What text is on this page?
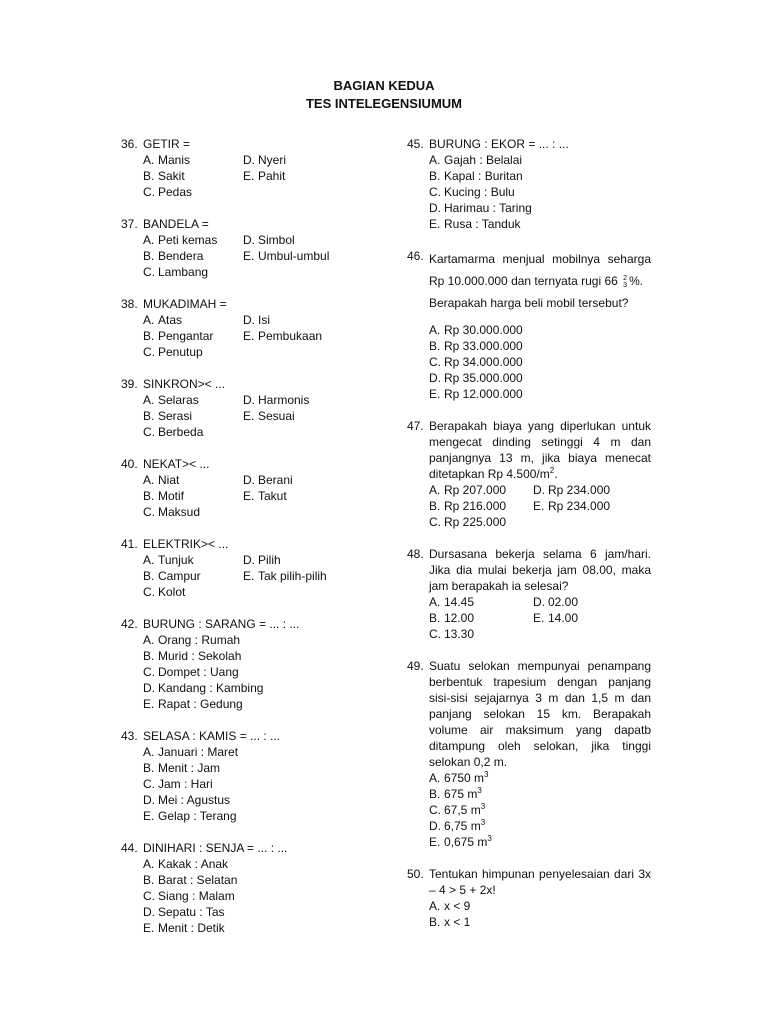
BAGIAN KEDUA
TES INTELEGENSIUMUM
36. GETIR =
A. Manis	D. Nyeri
B. Sakit	E. Pahit
C. Pedas
37. BANDELA =
A. Peti kemas	D. Simbol
B. Bendera	E. Umbul-umbul
C. Lambang
38. MUKADIMAH =
A. Atas	D. Isi
B. Pengantar	E. Pembukaan
C. Penutup
39. SINKRON>< ...
A. Selaras	D. Harmonis
B. Serasi	E. Sesuai
C. Berbeda
40. NEKAT>< ...
A. Niat	D. Berani
B. Motif	E. Takut
C. Maksud
41. ELEKTRIK>< ...
A. Tunjuk	D. Pilih
B. Campur	E. Tak pilih-pilih
C. Kolot
42. BURUNG : SARANG = ... : ...
A. Orang : Rumah
B. Murid : Sekolah
C. Dompet : Uang
D. Kandang : Kambing
E. Rapat : Gedung
43. SELASA : KAMIS = ... : ...
A. Januari : Maret
B. Menit : Jam
C. Jam : Hari
D. Mei : Agustus
E. Gelap : Terang
44. DINIHARI : SENJA = ... : ...
A. Kakak : Anak
B. Barat : Selatan
C. Siang : Malam
D. Sepatu : Tas
E. Menit : Detik
45. BURUNG : EKOR = ... : ...
A. Gajah : Belalai
B. Kapal : Buritan
C. Kucing : Bulu
D. Harimau : Taring
E. Rusa : Tanduk
46. Kartamarma menjual mobilnya seharga Rp 10.000.000 dan ternyata rugi 66 2
3 %.
Berapakah harga beli mobil tersebut?
A. Rp 30.000.000
B. Rp 33.000.000
C. Rp 34.000.000
D. Rp 35.000.000
E. Rp 12.000.000
47. Berapakah biaya yang diperlukan untuk mengecat dinding setinggi 4 m dan panjangnya 13 m, jika biaya menecat ditetapkan Rp $4.500/m^2$.
A. Rp 207.000	D. Rp 234.000
B. Rp 216.000	E. Rp 234.000
C. Rp 225.000
48. Dursasana bekerja selama 6 jam/hari. Jika dia mulai bekerja jam 08.00, maka jam berapakah ia selesai?
A. 14.45	D. 02.00
B. 12.00	E. 14.00
C. 13.30
49. Suatu selokan mempunyai penampang berbentuk trapesium dengan panjang sisi-sisi sejajarnya 3 m dan 1,5 m dan panjang selokan 15 km. Berapakah volume air maksimum yang dapatb ditampung oleh selokan, jika tinggi selokan 0,2 m.
A. 6750 $m^3$
B. 675 $m^3$
C. 67,5 $m^3$
D. 6,75 $m^3$
E. 0,675 $m^3$
50. Tentukan himpunan penyelesaian dari 3x – 4 > 5 + 2x!
A. x < 9
B. x < 1
